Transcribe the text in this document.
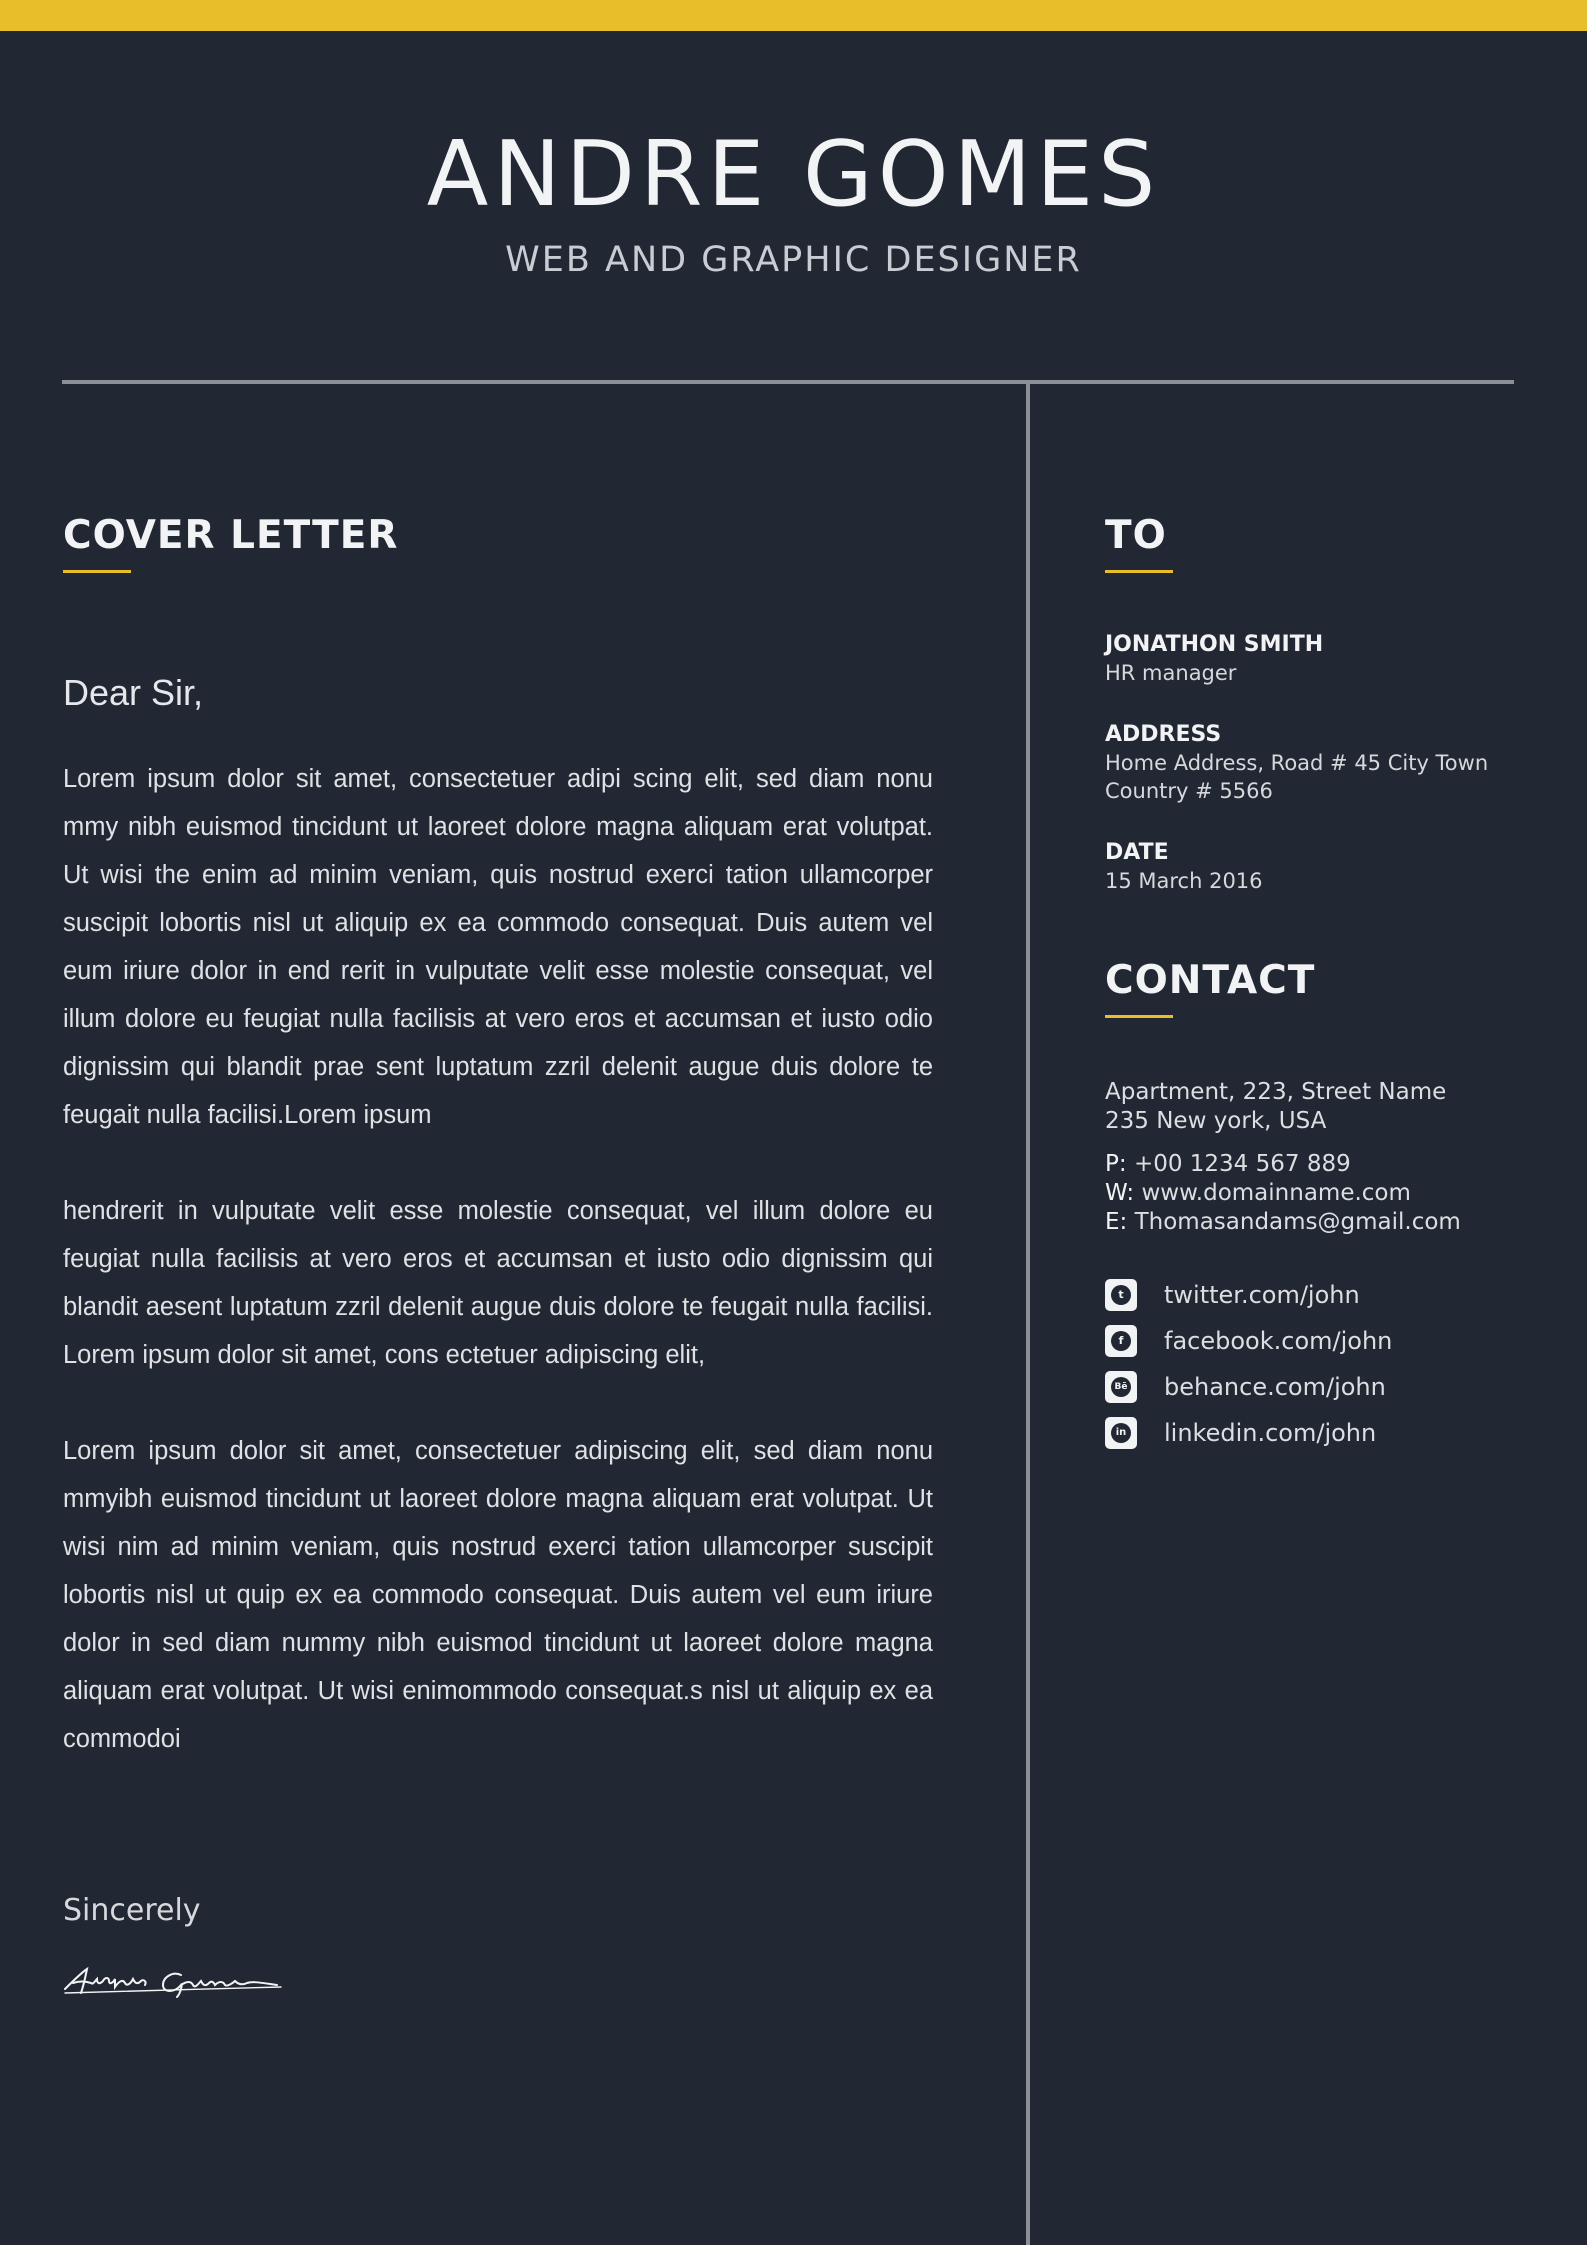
ANDRE GOMES
WEB AND GRAPHIC DESIGNER
COVER LETTER
Dear Sir,

Lorem ipsum dolor sit amet, consectetuer adipi scing elit, sed diam nonu mmy nibh euismod tincidunt ut laoreet dolore magna aliquam erat volutpat. Ut wisi the enim ad minim veniam, quis nostrud exerci tation ullamcorper suscipit lobortis nisl ut aliquip ex ea commodo consequat. Duis autem vel eum iriure dolor in end rerit in vulputate velit esse molestie consequat, vel illum dolore eu feugiat nulla facilisis at vero eros et accumsan et iusto odio dignissim qui blandit prae sent luptatum zzril delenit augue duis dolore te feugait nulla facilisi.Lorem ipsum

hendrerit in vulputate velit esse molestie consequat, vel illum dolore eu feugiat nulla facilisis at vero eros et accumsan et iusto odio dignissim qui blandit aesent luptatum zzril delenit augue duis dolore te feugait nulla facilisi. Lorem ipsum dolor sit amet, cons ectetuer adipiscing elit,

Lorem ipsum dolor sit amet, consectetuer adipiscing elit, sed diam nonu mmyibh euismod tincidunt ut laoreet dolore magna aliquam erat volutpat. Ut wisi nim ad minim veniam, quis nostrud exerci tation ullamcorper suscipit lobortis nisl ut quip ex ea commodo consequat. Duis autem vel eum iriure dolor in sed diam nummy nibh euismod tincidunt ut laoreet dolore magna aliquam erat volutpat. Ut wisi enimommodo consequat.s nisl ut aliquip ex ea commodoi

Sincerely
TO
JONATHON SMITH
HR manager
ADDRESS
Home Address, Road # 45 City Town
Country # 5566
DATE
15 March 2016
CONTACT
Apartment, 223, Street Name
235 New york, USA
P: +00 1234 567 889
W: www.domainname.com
E: Thomasandams@gmail.com
t	twitter.com/john
f	facebook.com/john
Bē behance.com/john
in linkedin.com/john
